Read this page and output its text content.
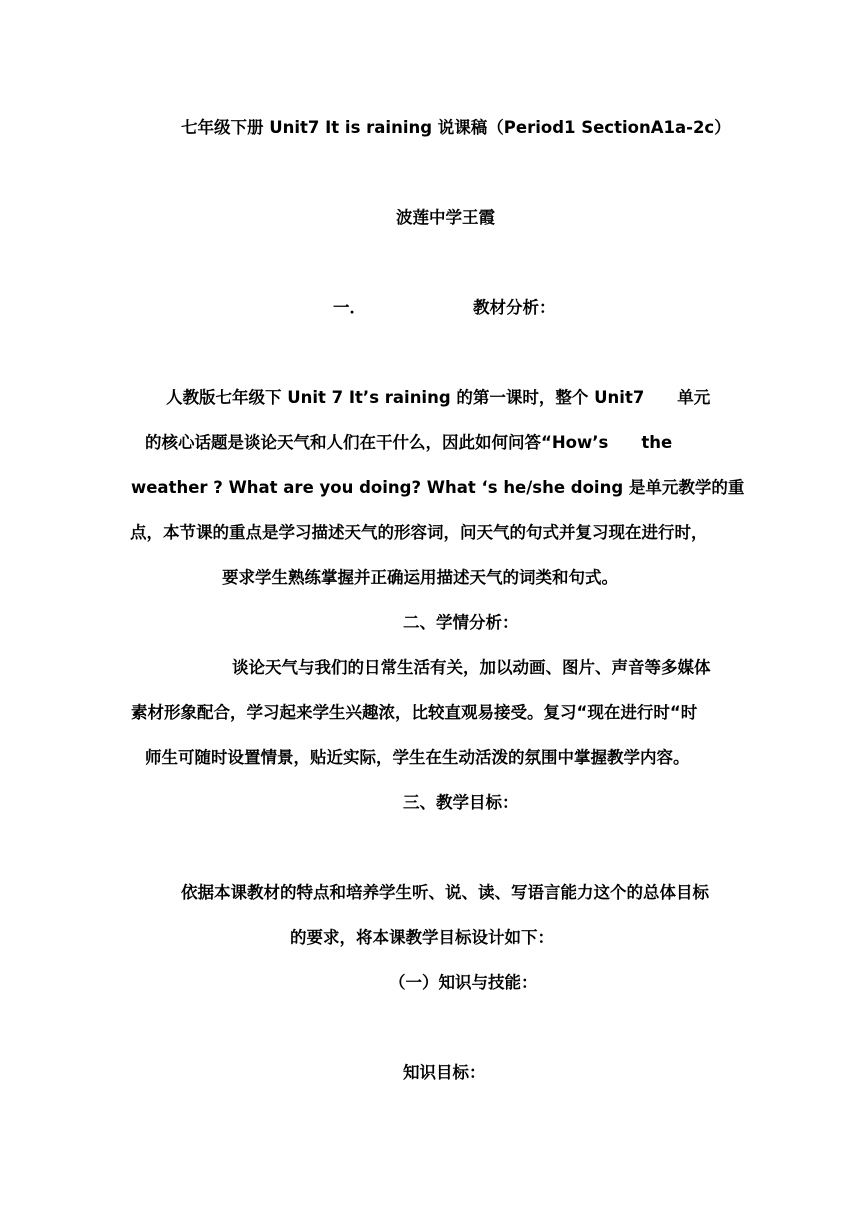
七年级下册 Unit7 It is raining 说课稿（Period1 SectionA1a-2c）
波莲中学王霞
一．	教材分析：
人教版七年级下 Unit 7 It’s raining 的第一课时，整个 Unit7　　单元
的核心话题是谈论天气和人们在干什么，因此如何问答“How’s　　the
weather ? What are you doing? What ‘s he/she doing 是单元教学的重
点，本节课的重点是学习描述天气的形容词，问天气的句式并复习现在进行时，
要求学生熟练掌握并正确运用描述天气的词类和句式。
二、学情分析：
谈论天气与我们的日常生活有关，加以动画、图片、声音等多媒体
素材形象配合，学习起来学生兴趣浓，比较直观易接受。复习“现在进行时“时
师生可随时设置情景，贴近实际，学生在生动活泼的氛围中掌握教学内容。
三、教学目标：
依据本课教材的特点和培养学生听、说、读、写语言能力这个的总体目标
的要求，将本课教学目标设计如下：
（一）知识与技能：
知识目标：
